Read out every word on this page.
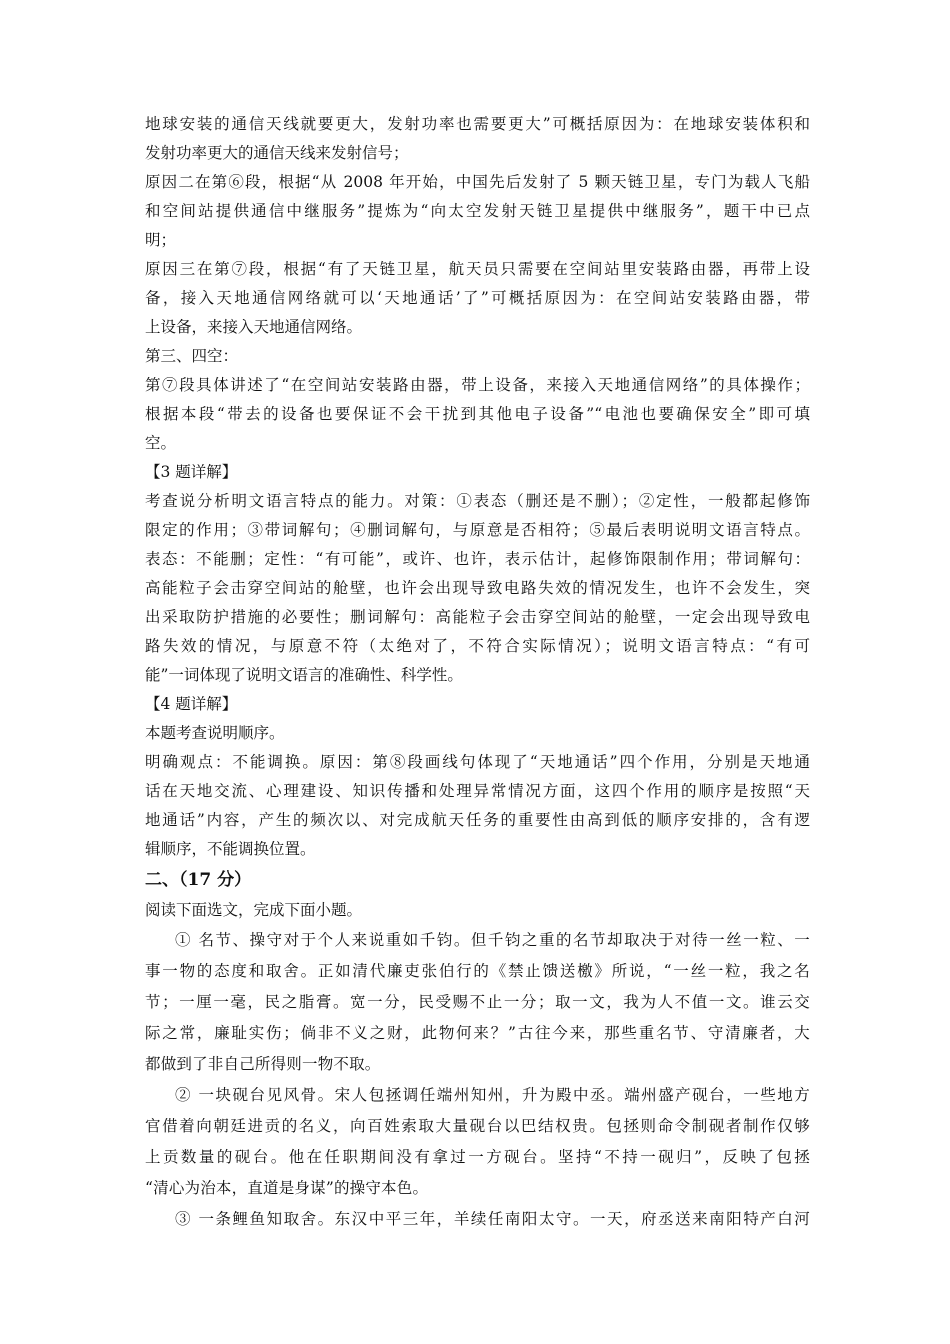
地球安装的通信天线就要更大，发射功率也需要更大”可概括原因为：在地球安装体积和
发射功率更大的通信天线来发射信号；
原因二在第⑥段，根据“从 2008 年开始，中国先后发射了 5 颗天链卫星，专门为载人飞船
和空间站提供通信中继服务”提炼为“向太空发射天链卫星提供中继服务”，题干中已点
明；
原因三在第⑦段，根据“有了天链卫星，航天员只需要在空间站里安装路由器，再带上设
备，接入天地通信网络就可以‘天地通话’了”可概括原因为：在空间站安装路由器，带
上设备，来接入天地通信网络。
第三、四空：
第⑦段具体讲述了“在空间站安装路由器，带上设备，来接入天地通信网络”的具体操作；
根据本段“带去的设备也要保证不会干扰到其他电子设备”“电池也要确保安全”即可填
空。
【3 题详解】
考查说分析明文语言特点的能力。对策：①表态（删还是不删）；②定性，一般都起修饰
限定的作用；③带词解句；④删词解句，与原意是否相符；⑤最后表明说明文语言特点。
表态：不能删；定性：“有可能”，或许、也许，表示估计，起修饰限制作用；带词解句：
高能粒子会击穿空间站的舱壁，也许会出现导致电路失效的情况发生，也许不会发生，突
出采取防护措施的必要性；删词解句：高能粒子会击穿空间站的舱壁，一定会出现导致电
路失效的情况，与原意不符（太绝对了，不符合实际情况）；说明文语言特点：“有可
能”一词体现了说明文语言的准确性、科学性。
【4 题详解】
本题考查说明顺序。
明确观点：不能调换。原因：第⑧段画线句体现了“天地通话”四个作用，分别是天地通
话在天地交流、心理建设、知识传播和处理异常情况方面，这四个作用的顺序是按照“天
地通话”内容，产生的频次以、对完成航天任务的重要性由高到低的顺序安排的，含有逻
辑顺序，不能调换位置。
二、（17 分）
阅读下面选文，完成下面小题。
① 名节、操守对于个人来说重如千钧。但千钧之重的名节却取决于对待一丝一粒、一
事一物的态度和取舍。正如清代廉吏张伯行的《禁止馈送檄》所说，“一丝一粒，我之名
节；一厘一毫，民之脂膏。宽一分，民受赐不止一分；取一文，我为人不值一文。谁云交
际之常，廉耻实伤；倘非不义之财，此物何来？”古往今来，那些重名节、守清廉者，大
都做到了非自己所得则一物不取。
② 一块砚台见风骨。宋人包拯调任端州知州，升为殿中丞。端州盛产砚台，一些地方
官借着向朝廷进贡的名义，向百姓索取大量砚台以巴结权贵。包拯则命令制砚者制作仅够
上贡数量的砚台。他在任职期间没有拿过一方砚台。坚持“不持一砚归”，反映了包拯
“清心为治本，直道是身谋”的操守本色。
③ 一条鲤鱼知取舍。东汉中平三年，羊续任南阳太守。一天，府丞送来南阳特产白河
